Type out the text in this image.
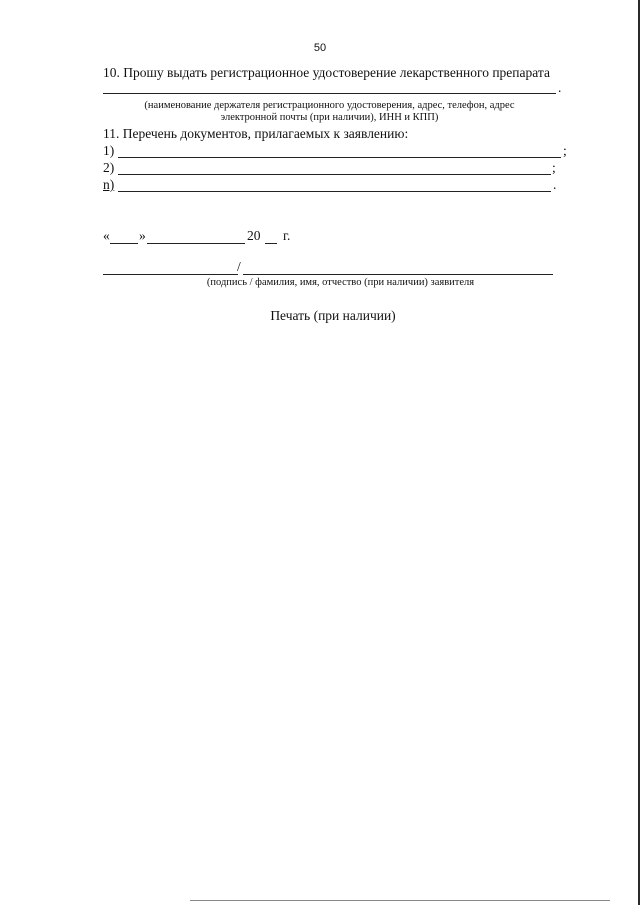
50
10. Прошу выдать регистрационное удостоверение лекарственного препарата
.
(наименование держателя регистрационного удостоверения, адрес, телефон, адрес
электронной почты (при наличии), ИНН и КПП)
11. Перечень документов, прилагаемых к заявлению:
1)	;
2)	;
n)	.
« »	20 г.
/
(подпись / фамилия, имя, отчество (при наличии) заявителя
Печать (при наличии)
